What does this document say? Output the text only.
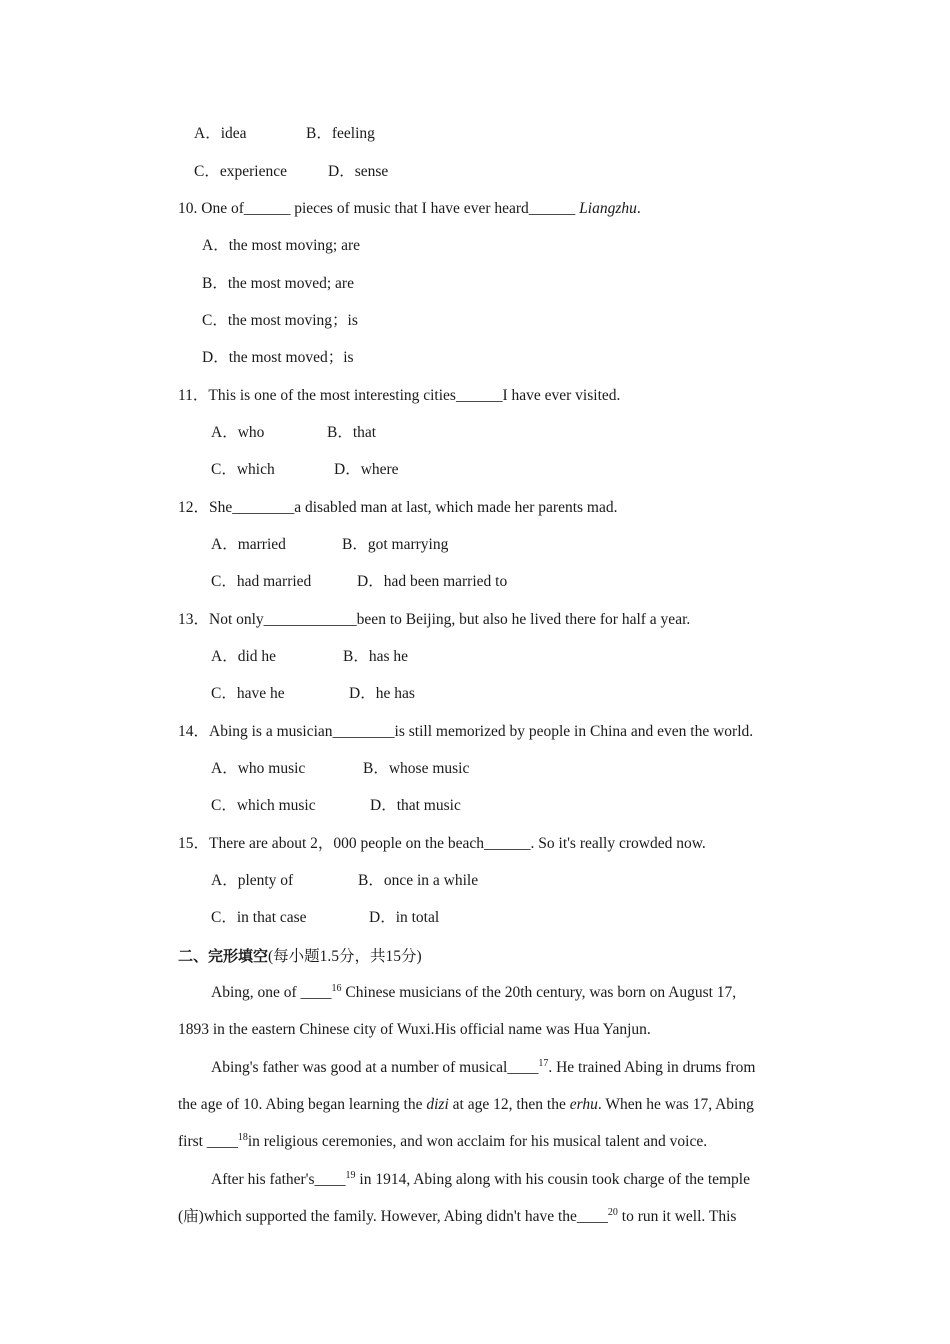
A．idea	B．feeling
C．experience	D．sense
10. One of______ pieces of music that I have ever heard______ Liangzhu.
A．the most moving; are
B．the most moved; are
C．the most moving；is
D．the most moved；is
11．This is one of the most interesting cities______I have ever visited.
A．who	B．that
C．which	D．where
12．She________a disabled man at last, which made her parents mad.
A．married	B．got marrying
C．had married	D．had been married to
13．Not only____________been to Beijing, but also he lived there for half a year.
A．did he	B．has he
C．have he	D．he has
14．Abing is a musician________is still memorized by people in China and even the world.
A．who music	B．whose music
C．which music	D．that music
15．There are about 2，000 people on the beach______. So it's really crowded now.
A．plenty of	B．once in a while
C．in that case	D．in total
二、完形填空(每小题1.5分，共15分)
Abing, one of ____$^{16}$ Chinese musicians of the 20th century, was born on August 17,
1893 in the eastern Chinese city of Wuxi.His official name was Hua Yanjun.
Abing's father was good at a number of musical____$^{17}$. He trained Abing in drums from
the age of 10. Abing began learning the dizi at age 12, then the erhu. When he was 17, Abing
first ____$^{18}$in religious ceremonies, and won acclaim for his musical talent and voice.
After his father's____$^{19}$ in 1914, Abing along with his cousin took charge of the temple
(庙)which supported the family. However, Abing didn't have the____$^{20}$ to run it well. This
